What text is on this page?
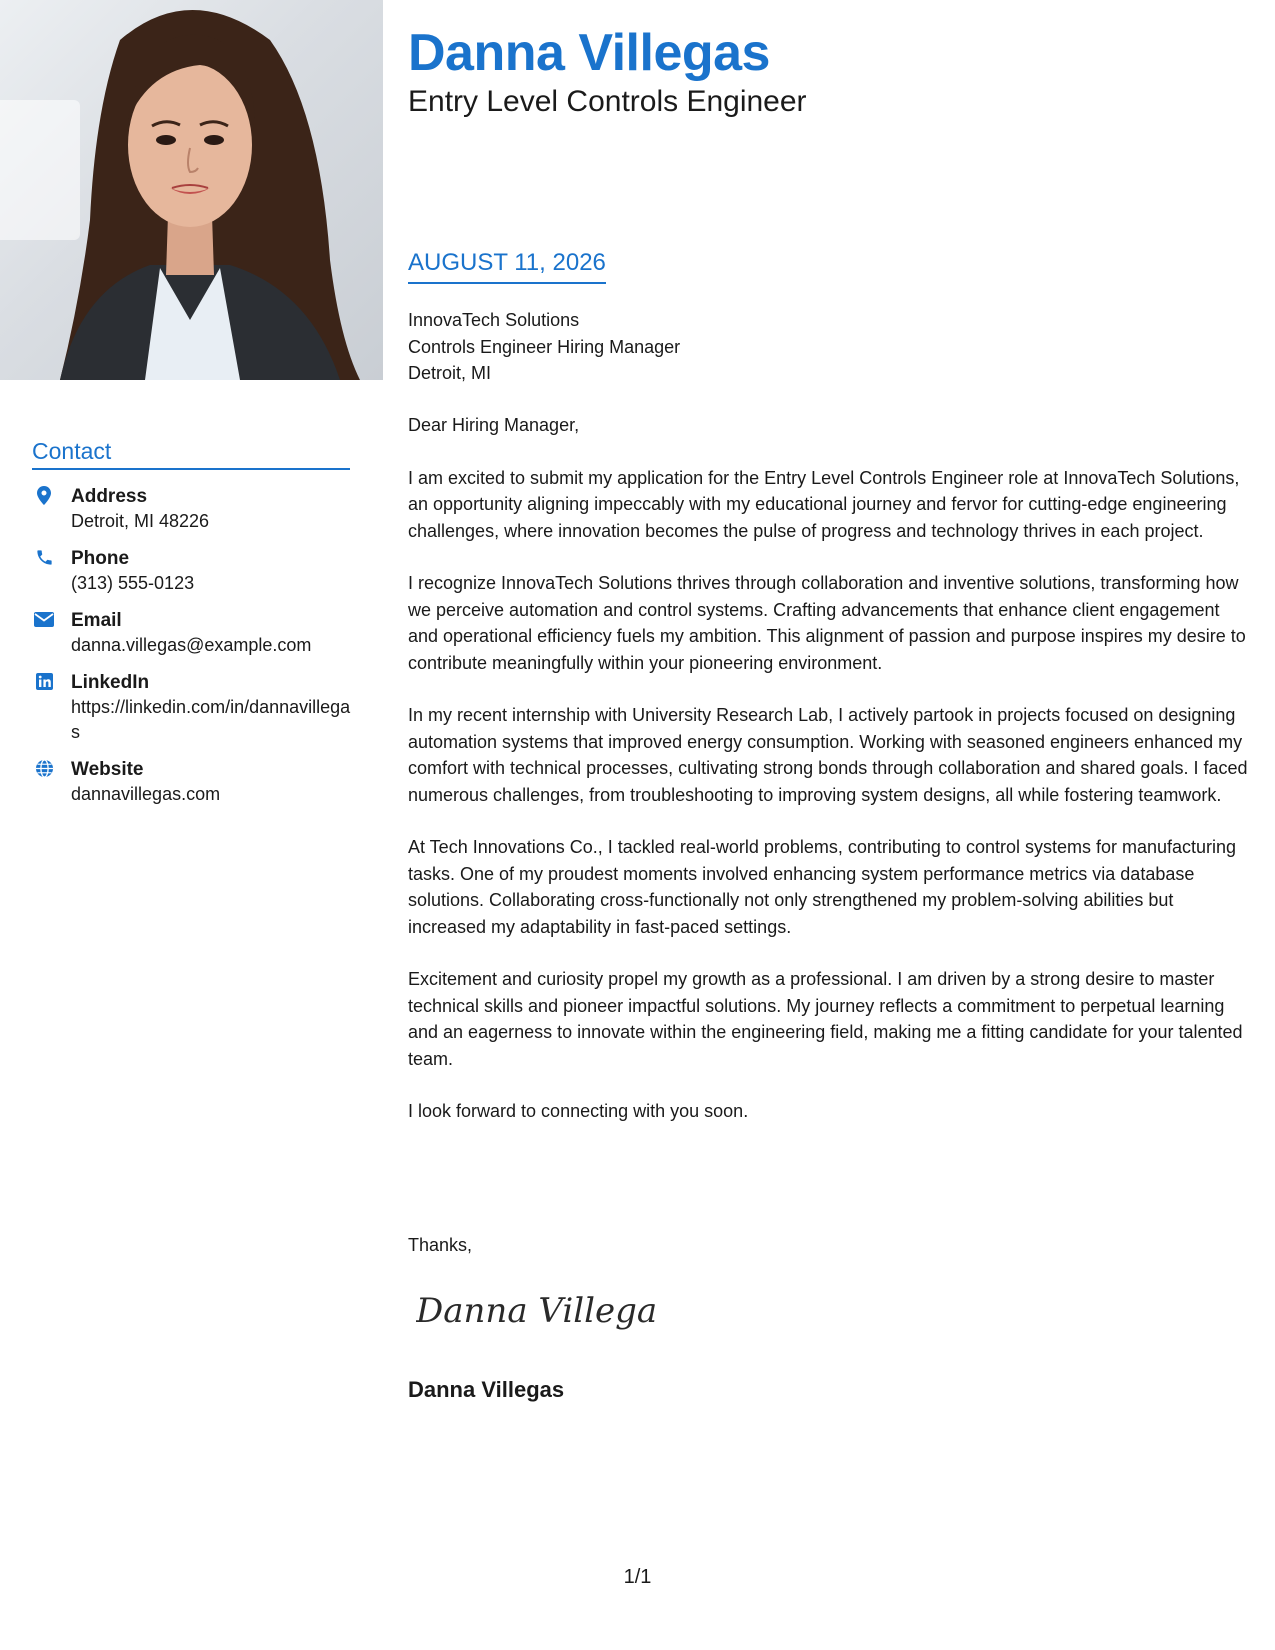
Contact
Address
Detroit, MI 48226
Phone
(313) 555-0123
Email
danna.villegas@example.com
LinkedIn
https://linkedin.com/in/dannavillegas
Website
dannavillegas.com
Danna Villegas
Entry Level Controls Engineer
AUGUST 11, 2026
InnovaTech Solutions
Controls Engineer Hiring Manager
Detroit, MI

Dear Hiring Manager,

I am excited to submit my application for the Entry Level Controls Engineer role at InnovaTech Solutions, an opportunity aligning impeccably with my educational journey and fervor for cutting-edge engineering challenges, where innovation becomes the pulse of progress and technology thrives in each project.

I recognize InnovaTech Solutions thrives through collaboration and inventive solutions, transforming how we perceive automation and control systems. Crafting advancements that enhance client engagement and operational efficiency fuels my ambition. This alignment of passion and purpose inspires my desire to contribute meaningfully within your pioneering environment.

In my recent internship with University Research Lab, I actively partook in projects focused on designing automation systems that improved energy consumption. Working with seasoned engineers enhanced my comfort with technical processes, cultivating strong bonds through collaboration and shared goals. I faced numerous challenges, from troubleshooting to improving system designs, all while fostering teamwork.

At Tech Innovations Co., I tackled real-world problems, contributing to control systems for manufacturing tasks. One of my proudest moments involved enhancing system performance metrics via database solutions. Collaborating cross-functionally not only strengthened my problem-solving abilities but increased my adaptability in fast-paced settings.

Excitement and curiosity propel my growth as a professional. I am driven by a strong desire to master technical skills and pioneer impactful solutions. My journey reflects a commitment to perpetual learning and an eagerness to innovate within the engineering field, making me a fitting candidate for your talented team.

I look forward to connecting with you soon.

Thanks,
Danna Villegas
Danna Villegas
1/1
